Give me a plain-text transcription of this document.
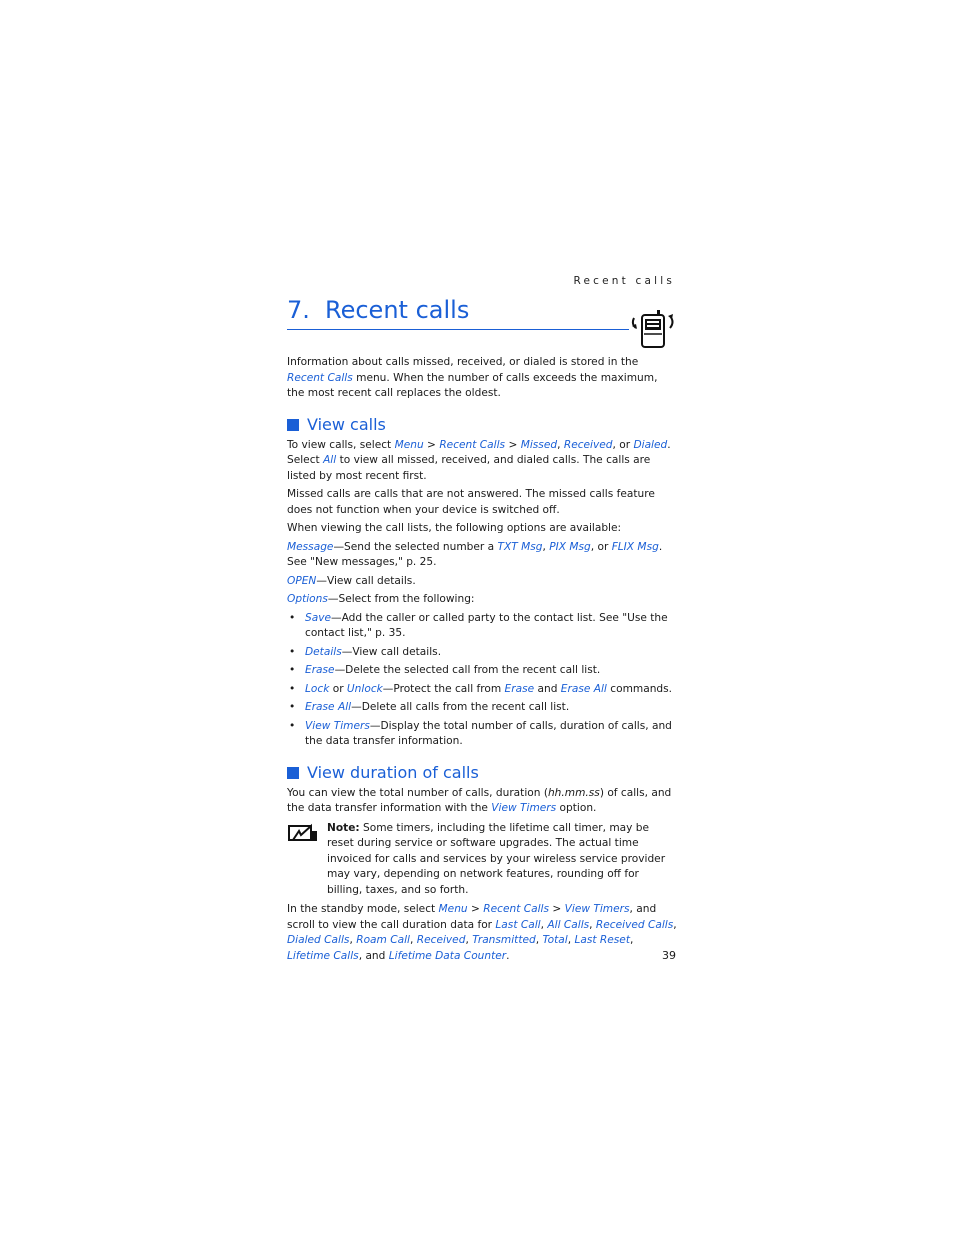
Recent calls
7. Recent calls

Information about calls missed, received, or dialed is stored in the Recent Calls menu. When the number of calls exceeds the maximum, the most recent call replaces the oldest.

View calls

To view calls, select Menu > Recent Calls > Missed, Received, or Dialed. Select All to view all missed, received, and dialed calls. The calls are listed by most recent first.

Missed calls are calls that are not answered. The missed calls feature does not function when your device is switched off.

When viewing the call lists, the following options are available:

Message—Send the selected number a TXT Msg, PIX Msg, or FLIX Msg. See "New messages," p. 25.

OPEN—View call details.

Options—Select from the following:

• Save—Add the caller or called party to the contact list. See "Use the contact list," p. 35.
• Details—View call details.
• Erase—Delete the selected call from the recent call list.
• Lock or Unlock—Protect the call from Erase and Erase All commands.
• Erase All—Delete all calls from the recent call list.
• View Timers—Display the total number of calls, duration of calls, and the data transfer information.
View duration of calls

You can view the total number of calls, duration (hh.mm.ss) of calls, and the data transfer information with the View Timers option.

Note: Some timers, including the lifetime call timer, may be reset during service or software upgrades. The actual time invoiced for calls and services by your wireless service provider may vary, depending on network features, rounding off for billing, taxes, and so forth.

In the standby mode, select Menu > Recent Calls > View Timers, and scroll to view the call duration data for Last Call, All Calls, Received Calls, Dialed Calls, Roam Call, Received, Transmitted, Total, Last Reset, Lifetime Calls, and Lifetime Data Counter.	39
